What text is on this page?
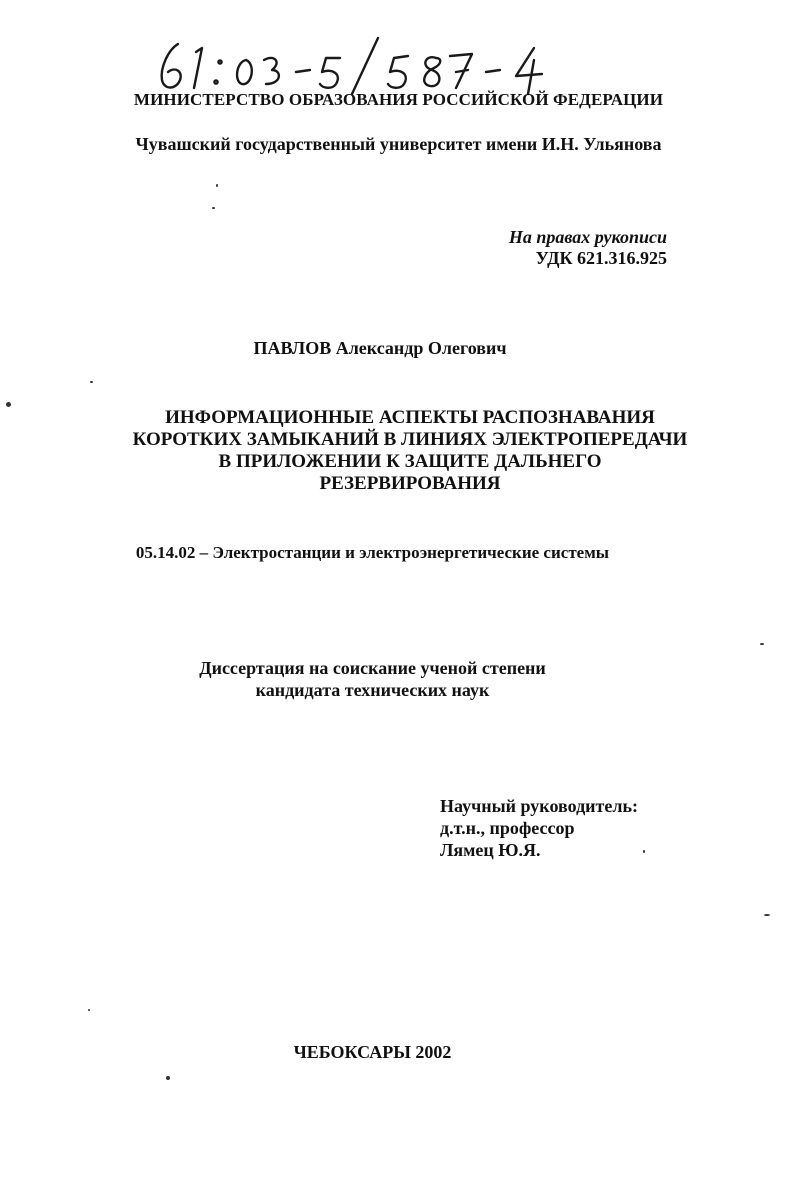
МИНИСТЕРСТВО ОБРАЗОВАНИЯ РОССИЙСКОЙ ФЕДЕРАЦИИ
Чувашский государственный университет имени И.Н. Ульянова
На правах рукописи
УДК 621.316.925
ПАВЛОВ Александр Олегович
ИНФОРМАЦИОННЫЕ АСПЕКТЫ РАСПОЗНАВАНИЯ
КОРОТКИХ ЗАМЫКАНИЙ В ЛИНИЯХ ЭЛЕКТРОПЕРЕДАЧИ
В ПРИЛОЖЕНИИ К ЗАЩИТЕ ДАЛЬНЕГО
РЕЗЕРВИРОВАНИЯ
05.14.02 – Электростанции и электроэнергетические системы
Диссертация на соискание ученой степени
кандидата технических наук
Научный руководитель:
д.т.н., профессор
Лямец Ю.Я.
ЧЕБОКСАРЫ 2002
